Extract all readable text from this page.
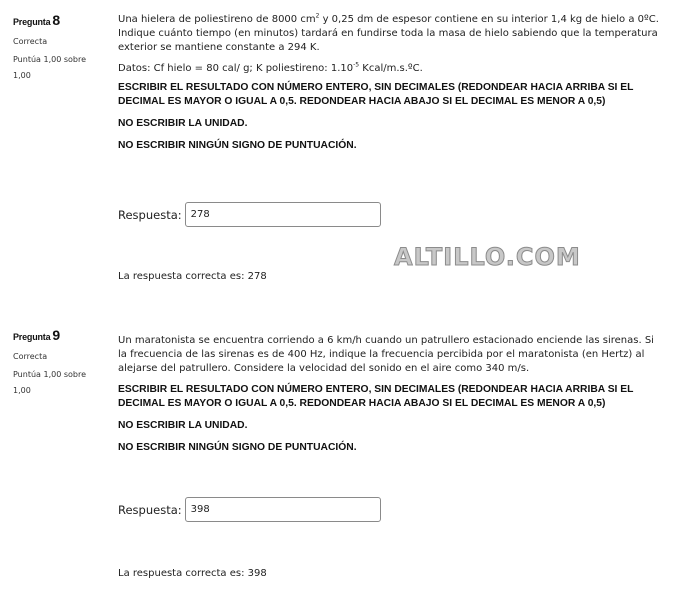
Pregunta 8
Correcta
Puntúa 1,00 sobre 1,00

Una hielera de poliestireno de 8000 $cm^2$ y 0,25 dm de espesor contiene en su interior 1,4 kg de hielo a 0ºC. Indique cuánto tiempo (en minutos) tardará en fundirse toda la masa de hielo sabiendo que la temperatura exterior se mantiene constante a 294 K.

Datos: Cf hielo = 80 cal/ g; K poliestireno: $1.10^{-5}$ Kcal/m.s.ºC.
ESCRIBIR EL RESULTADO CON NÚMERO ENTERO, SIN DECIMALES (REDONDEAR HACIA ARRIBA SI EL DECIMAL ES MAYOR O IGUAL A 0,5. REDONDEAR HACIA ABAJO SI EL DECIMAL ES MENOR A 0,5)
NO ESCRIBIR LA UNIDAD.
NO ESCRIBIR NINGÚN SIGNO DE PUNTUACIÓN.
Respuesta:
278
La respuesta correcta es: 278
ALTILLO.COM
Pregunta 9
Correcta
Puntúa 1,00 sobre 1,00

Un maratonista se encuentra corriendo a 6 km/h cuando un patrullero estacionado enciende las sirenas. Si la frecuencia de las sirenas es de 400 Hz, indique la frecuencia percibida por el maratonista (en Hertz) al alejarse del patrullero. Considere la velocidad del sonido en el aire como 340 m/s.

ESCRIBIR EL RESULTADO CON NÚMERO ENTERO, SIN DECIMALES (REDONDEAR HACIA ARRIBA SI EL DECIMAL ES MAYOR O IGUAL A 0,5. REDONDEAR HACIA ABAJO SI EL DECIMAL ES MENOR A 0,5)
NO ESCRIBIR LA UNIDAD.
NO ESCRIBIR NINGÚN SIGNO DE PUNTUACIÓN.
Respuesta:
398
La respuesta correcta es: 398
